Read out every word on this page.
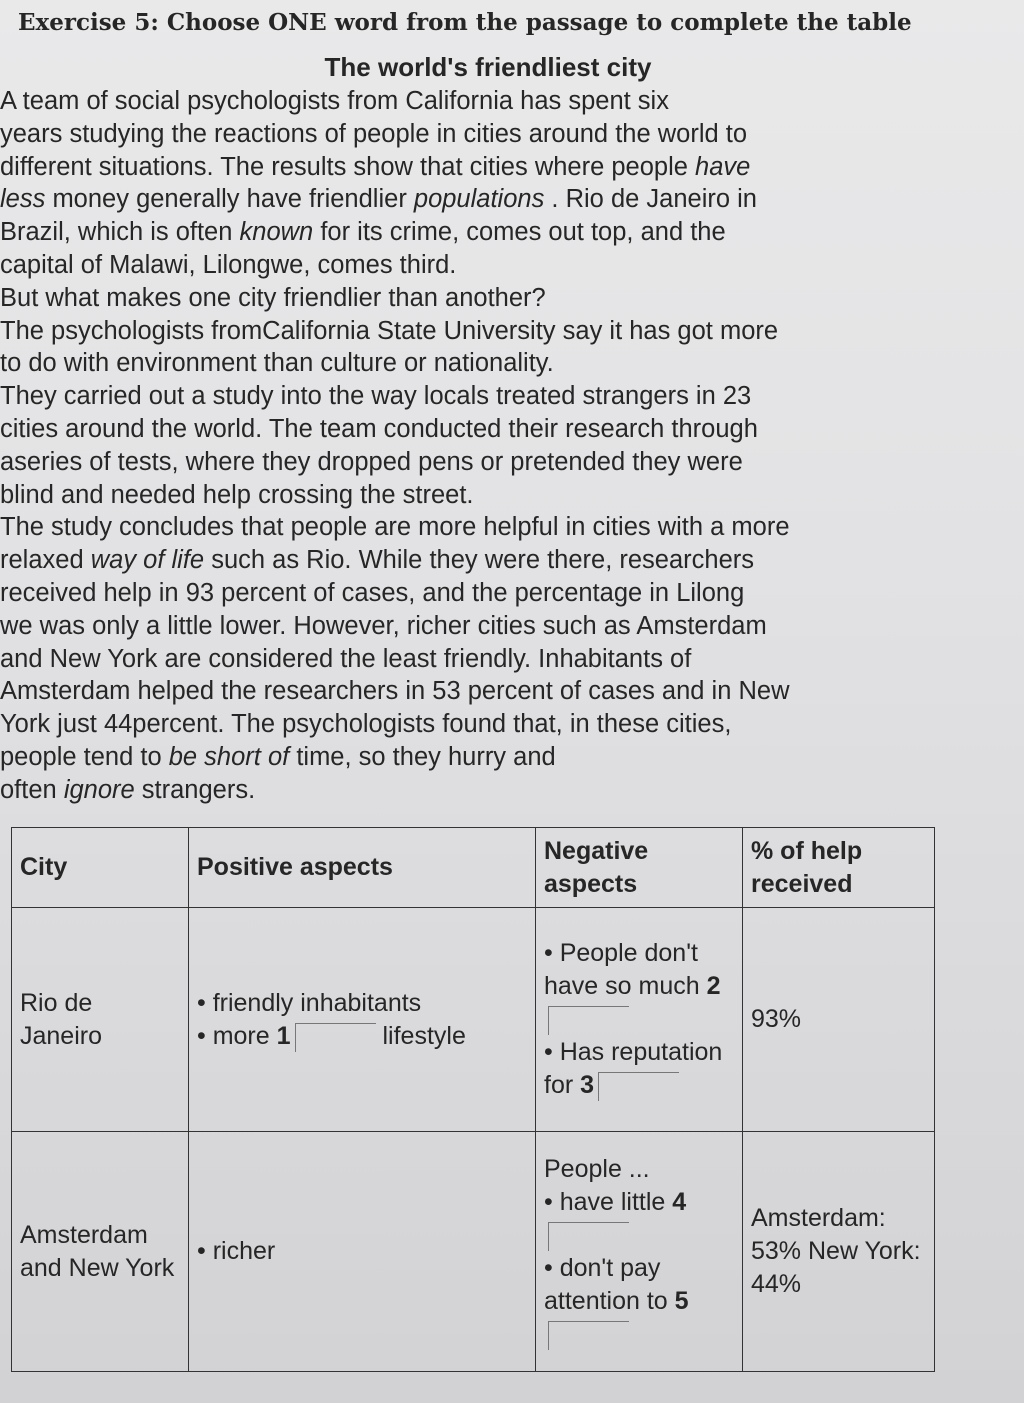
Exercise 5: Choose ONE word from the passage to complete the table
The world's friendliest city
A team of social psychologists from California has spent six
years studying the reactions of people in cities around the world to
different situations. The results show that cities where people have
less money generally have friendlier populations . Rio de Janeiro in
Brazil, which is often known for its crime, comes out top, and the
capital of Malawi, Lilongwe, comes third.
But what makes one city friendlier than another?
The psychologists fromCalifornia State University say it has got more
to do with environment than culture or nationality.
They carried out a study into the way locals treated strangers in 23
cities around the world. The team conducted their research through
aseries of tests, where they dropped pens or pretended they were
blind and needed help crossing the street.
The study concludes that people are more helpful in cities with a more
relaxed way of life such as Rio. While they were there, researchers
received help in 93 percent of cases, and the percentage in Lilong
we was only a little lower. However, richer cities such as Amsterdam
and New York are considered the least friendly. Inhabitants of
Amsterdam helped the researchers in 53 percent of cases and in New
York just 44percent. The psychologists found that, in these cities,
people tend to be short of time, so they hurry and
often ignore strangers.
City	Positive aspects	Negative aspects	% of help received
Rio de Janeiro	• friendly inhabitants
• more 1 lifestyle	• People don't have so much 2
• Has reputation for 3	93%
Amsterdam and New York	• richer	People ...
• have little 4

• don't pay attention to 5	Amsterdam: 53% New York: 44%
